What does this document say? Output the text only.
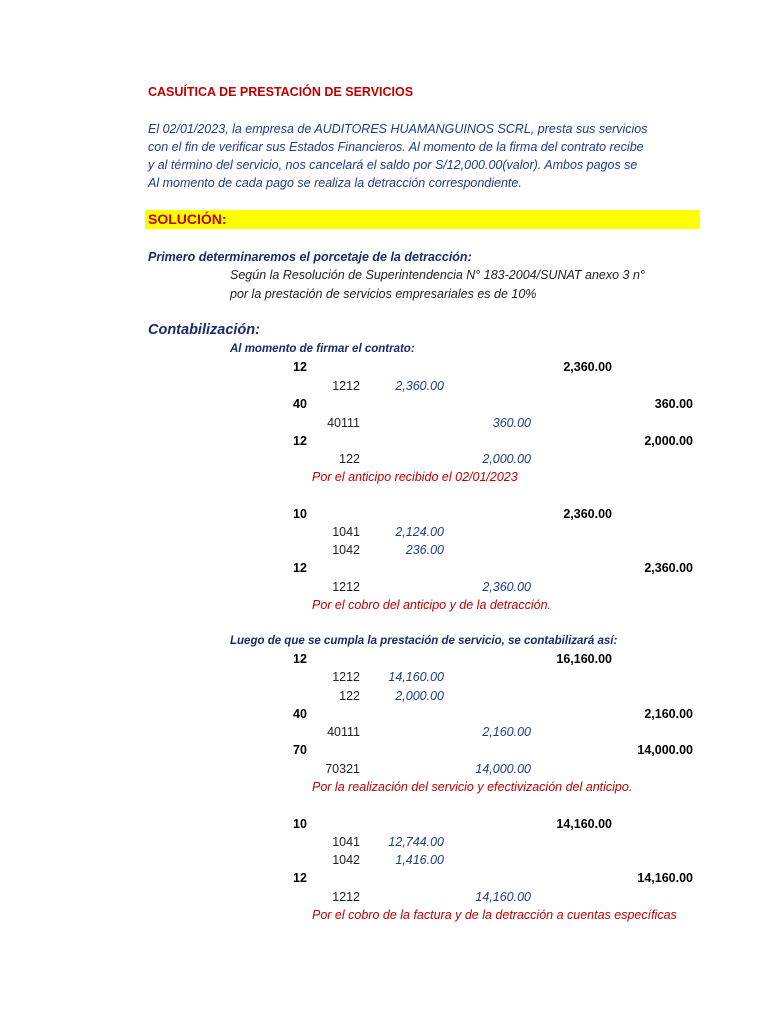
CASUÍTICA DE PRESTACIÓN DE SERVICIOS
El 02/01/2023, la empresa de AUDITORES HUAMANGUINOS SCRL, presta sus servicios
con el fin de verificar sus Estados Financieros. Al momento de la firma del contrato recibe
y al término del servicio, nos cancelará el saldo por S/12,000.00(valor). Ambos pagos se
Al momento de cada pago se realiza la detracción correspondiente.
SOLUCIÓN:
Primero determinaremos el porcetaje de la detracción:
Según la Resolución de Superintendencia N° 183-2004/SUNAT anexo 3 n°
por la prestación de servicios empresariales es de 10%
Contabilización:
Al momento de firmar el contrato:
12	2,360.00
1212	2,360.00
40	360.00
40111	360.00
12	2,000.00
122	2,000.00
Por el anticipo recibido el 02/01/2023
10	2,360.00
1041	2,124.00
1042	236.00
12	2,360.00
1212	2,360.00
Por el cobro del anticipo y de la detracción.
Luego de que se cumpla la prestación de servicio, se contabilizará así:
12	16,160.00
1212	14,160.00
122	2,000.00
40	2,160.00
40111	2,160.00
70	14,000.00
70321	14,000.00
Por la realización del servicio y efectivización del anticipo.
10	14,160.00
1041	12,744.00
1042	1,416.00
12	14,160.00
1212	14,160.00
Por el cobro de la factura y de la detracción a cuentas específicas
